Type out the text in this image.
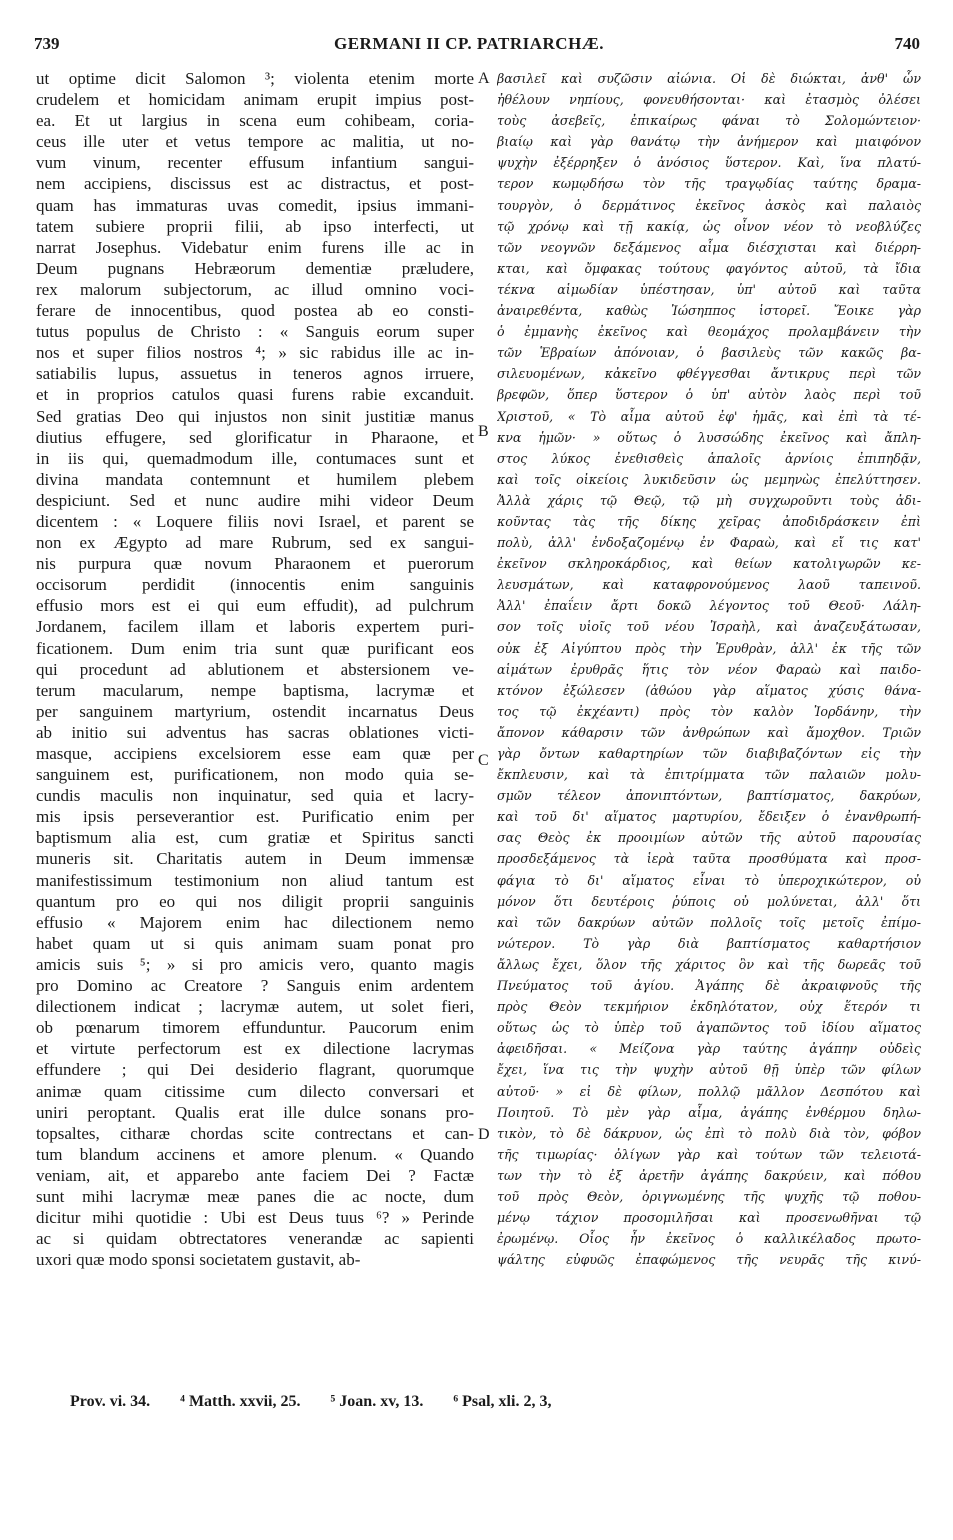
739	GERMANI II CP. PATRIARCHÆ.	740
ut optime dicit Salomon ³; violenta etenim morte
crudelem et homicidam animam erupit impius post-
ea. Et ut largius in scena eum cohibeam, coria-
ceus ille uter et vetus tempore ac malitia, ut no-
vum vinum, recenter effusum infantium sangui-
nem accipiens, discissus est ac distractus, et post-
quam has immaturas uvas comedit, ipsius immani-
tatem subiere proprii filii, ab ipso interfecti, ut
narrat Josephus. Videbatur enim furens ille ac in
Deum pugnans Hebræorum dementiæ præludere,
rex malorum subjectorum, ac illud omnino voci-
ferare de innocentibus, quod postea ab eo consti-
tutus populus de Christo : « Sanguis eorum super
nos et super filios nostros ⁴; » sic rabidus ille ac in-
satiabilis lupus, assuetus in teneros agnos irruere,
et in proprios catulos quasi furens rabie excanduit.
Sed gratias Deo qui injustos non sinit justitiæ manus
diutius effugere, sed glorificatur in Pharaone, et
in iis qui, quemadmodum ille, contumaces sunt et
divina mandata contemnunt et humilem plebem
despiciunt. Sed et nunc audire mihi videor Deum
dicentem : « Loquere filiis novi Israel, et parent se
non ex Ægypto ad mare Rubrum, sed ex sangui-
nis purpura quæ novum Pharaonem et puerorum
occisorum perdidit (innocentis enim sanguinis
effusio mors est ei qui eum effudit), ad pulchrum
Jordanem, facilem illam et laboris expertem puri-
ficationem. Dum enim tria sunt quæ purificant eos
qui procedunt ad ablutionem et abstersionem ve-
terum macularum, nempe baptisma, lacrymæ et
per sanguinem martyrium, ostendit incarnatus Deus
ab initio sui adventus has sacras oblationes victi-
masque, accipiens excelsiorem esse eam quæ per
sanguinem est, purificationem, non modo quia se-
cundis maculis non inquinatur, sed quia et lacry-
mis ipsis perseverantior est. Purificatio enim per
baptismum alia est, cum gratiæ et Spiritus sancti
muneris sit. Charitatis autem in Deum immensæ
manifestissimum testimonium non aliud tantum est
quantum pro eo qui nos diligit proprii sanguinis
effusio « Majorem enim hac dilectionem nemo
habet quam ut si quis animam suam ponat pro
amicis suis ⁵; » si pro amicis vero, quanto magis
pro Domino ac Creatore ? Sanguis enim ardentem
dilectionem indicat ; lacrymæ autem, ut solet fieri,
ob pœnarum timorem effunduntur. Paucorum enim
et virtute perfectorum est ex dilectione lacrymas
effundere ; qui Dei desiderio flagrant, quorumque
animæ quam citissime cum dilecto conversari et
uniri peroptant. Qualis erat ille dulce sonans pro-
topsaltes, citharæ chordas scite contrectans et can-
tum blandum accinens et amore plenum. « Quando
veniam, ait, et apparebo ante faciem Dei ? Factæ
sunt mihi lacrymæ meæ panes die ac nocte, dum
dicitur mihi quotidie : Ubi est Deus tuus ⁶? » Perinde
ac si quidam obtrectatores venerandæ ac sapienti
uxori quæ modo sponsi societatem gustavit, ab-
βασιλεῖ καὶ συζῶσιν αἰώνια. Οἱ δὲ διώκται, ἀνθ' ὧν
ἠθέλουν νηπίους, φονευθήσονται· καὶ ἐτασμὸς ὀλέσει
τοὺς ἀσεβεῖς, ἐπικαίρως φάναι τὸ Σολομώντειον·
βιαίῳ καὶ γὰρ θανάτῳ τὴν ἀνήμερον καὶ μιαιφόνον
ψυχὴν ἐξέρρηξεν ὁ ἀνόσιος ὕστερον. Καὶ, ἵνα πλατύ-
τερον κωμῳδήσω τὸν τῆς τραγῳδίας ταύτης δραμα-
τουργὸν, ὁ δερμάτινος ἐκεῖνος ἀσκὸς καὶ παλαιὸς
τῷ χρόνῳ καὶ τῇ κακίᾳ, ὡς οἶνον νέον τὸ νεοβλύζες
τῶν νεογνῶν δεξάμενος αἷμα διέσχισται καὶ διέρρη-
κται, καὶ ὄμφακας τούτους φαγόντος αὐτοῦ, τὰ ἴδια
τέκνα αἱμωδίαν ὑπέστησαν, ὑπ' αὐτοῦ καὶ ταῦτα
ἀναιρεθέντα, καθὼς Ἰώσηππος ἱστορεῖ. Ἔοικε γὰρ
ὁ ἐμμανὴς ἐκεῖνος καὶ θεομάχος προλαμβάνειν τὴν
τῶν Ἑβραίων ἀπόνοιαν, ὁ βασιλεὺς τῶν κακῶς βα-
σιλευομένων, κἀκεῖνο φθέγγεσθαι ἄντικρυς περὶ τῶν
βρεφῶν, ὅπερ ὕστερον ὁ ὑπ' αὐτὸν λαὸς περὶ τοῦ
Χριστοῦ, « Τὸ αἷμα αὐτοῦ ἐφ' ἡμᾶς, καὶ ἐπὶ τὰ τέ-
κνα ἡμῶν· » οὕτως ὁ λυσσώδης ἐκεῖνος καὶ ἄπλη-
στος λύκος ἐνεθισθεὶς ἁπαλοῖς ἀρνίοις ἐπιπηδᾷν,
καὶ τοῖς οἰκείοις λυκιδεῦσιν ὡς μεμηνὼς ἐπελύττησεν.
Ἀλλὰ χάρις τῷ Θεῷ, τῷ μὴ συγχωροῦντι τοὺς ἀδι-
κοῦντας τὰς τῆς δίκης χεῖρας ἀποδιδράσκειν ἐπὶ
πολὺ, ἀλλ' ἐνδοξαζομένῳ ἐν Φαραὼ, καὶ εἴ τις κατ'
ἐκεῖνον σκληροκάρδιος, καὶ θείων κατολιγωρῶν κε-
λευσμάτων, καὶ καταφρονούμενος λαοῦ ταπεινοῦ.
Ἀλλ' ἐπαΐειν ἄρτι δοκῶ λέγοντος τοῦ Θεοῦ· Λάλη-
σον τοῖς υἱοῖς τοῦ νέου Ἰσραὴλ, καὶ ἀναζευξάτωσαν,
οὐκ ἐξ Αἰγύπτου πρὸς τὴν Ἐρυθρὰν, ἀλλ' ἐκ τῆς τῶν
αἱμάτων ἐρυθρᾶς ἥτις τὸν νέον Φαραὼ καὶ παιδο-
κτόνον ἐξώλεσεν (ἀθώου γὰρ αἵματος χύσις θάνα-
τος τῷ ἐκχέαντι) πρὸς τὸν καλὸν Ἰορδάνην, τὴν
ἄπονον κάθαρσιν τῶν ἀνθρώπων καὶ ἄμοχθον. Τριῶν
γὰρ ὄντων καθαρτηρίων τῶν διαβιβαζόντων εἰς τὴν
ἔκπλευσιν, καὶ τὰ ἐπιτρίμματα τῶν παλαιῶν μολυ-
σμῶν τέλεον ἀπονιπτόντων, βαπτίσματος, δακρύων,
καὶ τοῦ δι' αἵματος μαρτυρίου, ἔδειξεν ὁ ἐνανθρωπή-
σας Θεὸς ἐκ προοιμίων αὐτῶν τῆς αὐτοῦ παρουσίας
προσδεξάμενος τὰ ἱερὰ ταῦτα προσθύματα καὶ προσ-
φάγια τὸ δι' αἵματος εἶναι τὸ ὑπεροχικώτερον, οὐ
μόνον ὅτι δευτέροις ῥύποις οὐ μολύνεται, ἀλλ' ὅτι
καὶ τῶν δακρύων αὐτῶν πολλοῖς τοῖς μετοῖς ἐπίμο-
νώτερον. Τὸ γὰρ διὰ βαπτίσματος καθαρτήσιον
ἄλλως ἔχει, ὅλον τῆς χάριτος ὃν καὶ τῆς δωρεᾶς τοῦ
Πνεύματος τοῦ ἁγίου. Ἀγάπης δὲ ἀκραιφνοῦς τῆς
πρὸς Θεὸν τεκμήριον ἐκδηλότατον, οὐχ ἕτερόν τι
οὕτως ὡς τὸ ὑπὲρ τοῦ ἀγαπῶντος τοῦ ἰδίου αἵματος
ἀφειδῆσαι. « Μείζονα γὰρ ταύτης ἀγάπην οὐδεὶς
ἔχει, ἵνα τις τὴν ψυχὴν αὐτοῦ θῇ ὑπὲρ τῶν φίλων
αὐτοῦ· » εἰ δὲ φίλων, πολλῷ μᾶλλον Δεσπότου καὶ
Ποιητοῦ. Τὸ μὲν γὰρ αἷμα, ἀγάπης ἐνθέρμου δηλω-
τικὸν, τὸ δὲ δάκρυον, ὡς ἐπὶ τὸ πολὺ διὰ τὸν, φόβον
τῆς τιμωρίας· ὀλίγων γὰρ καὶ τούτων τῶν τελειοτά-
των τὴν τὸ ἐξ ἀρετῆν ἀγάπης δακρύειν, καὶ πόθου
τοῦ πρὸς Θεὸν, ὀριγνωμένης τῆς ψυχῆς τῷ ποθου-
μένῳ τάχιον προσομιλῆσαι καὶ προσενωθῆναι τῷ
ἐρωμένῳ. Οἷος ἦν ἐκεῖνος ὁ καλλικέλαδος πρωτο-
ψάλτης εὐφυῶς ἐπαφώμενος τῆς νευρᾶς τῆς κινύ-
A
B
C
D
Prov. vi. 34. ⁴ Matth. xxvii, 25. ⁵ Joan. xv, 13. ⁶ Psal, xli. 2, 3,
